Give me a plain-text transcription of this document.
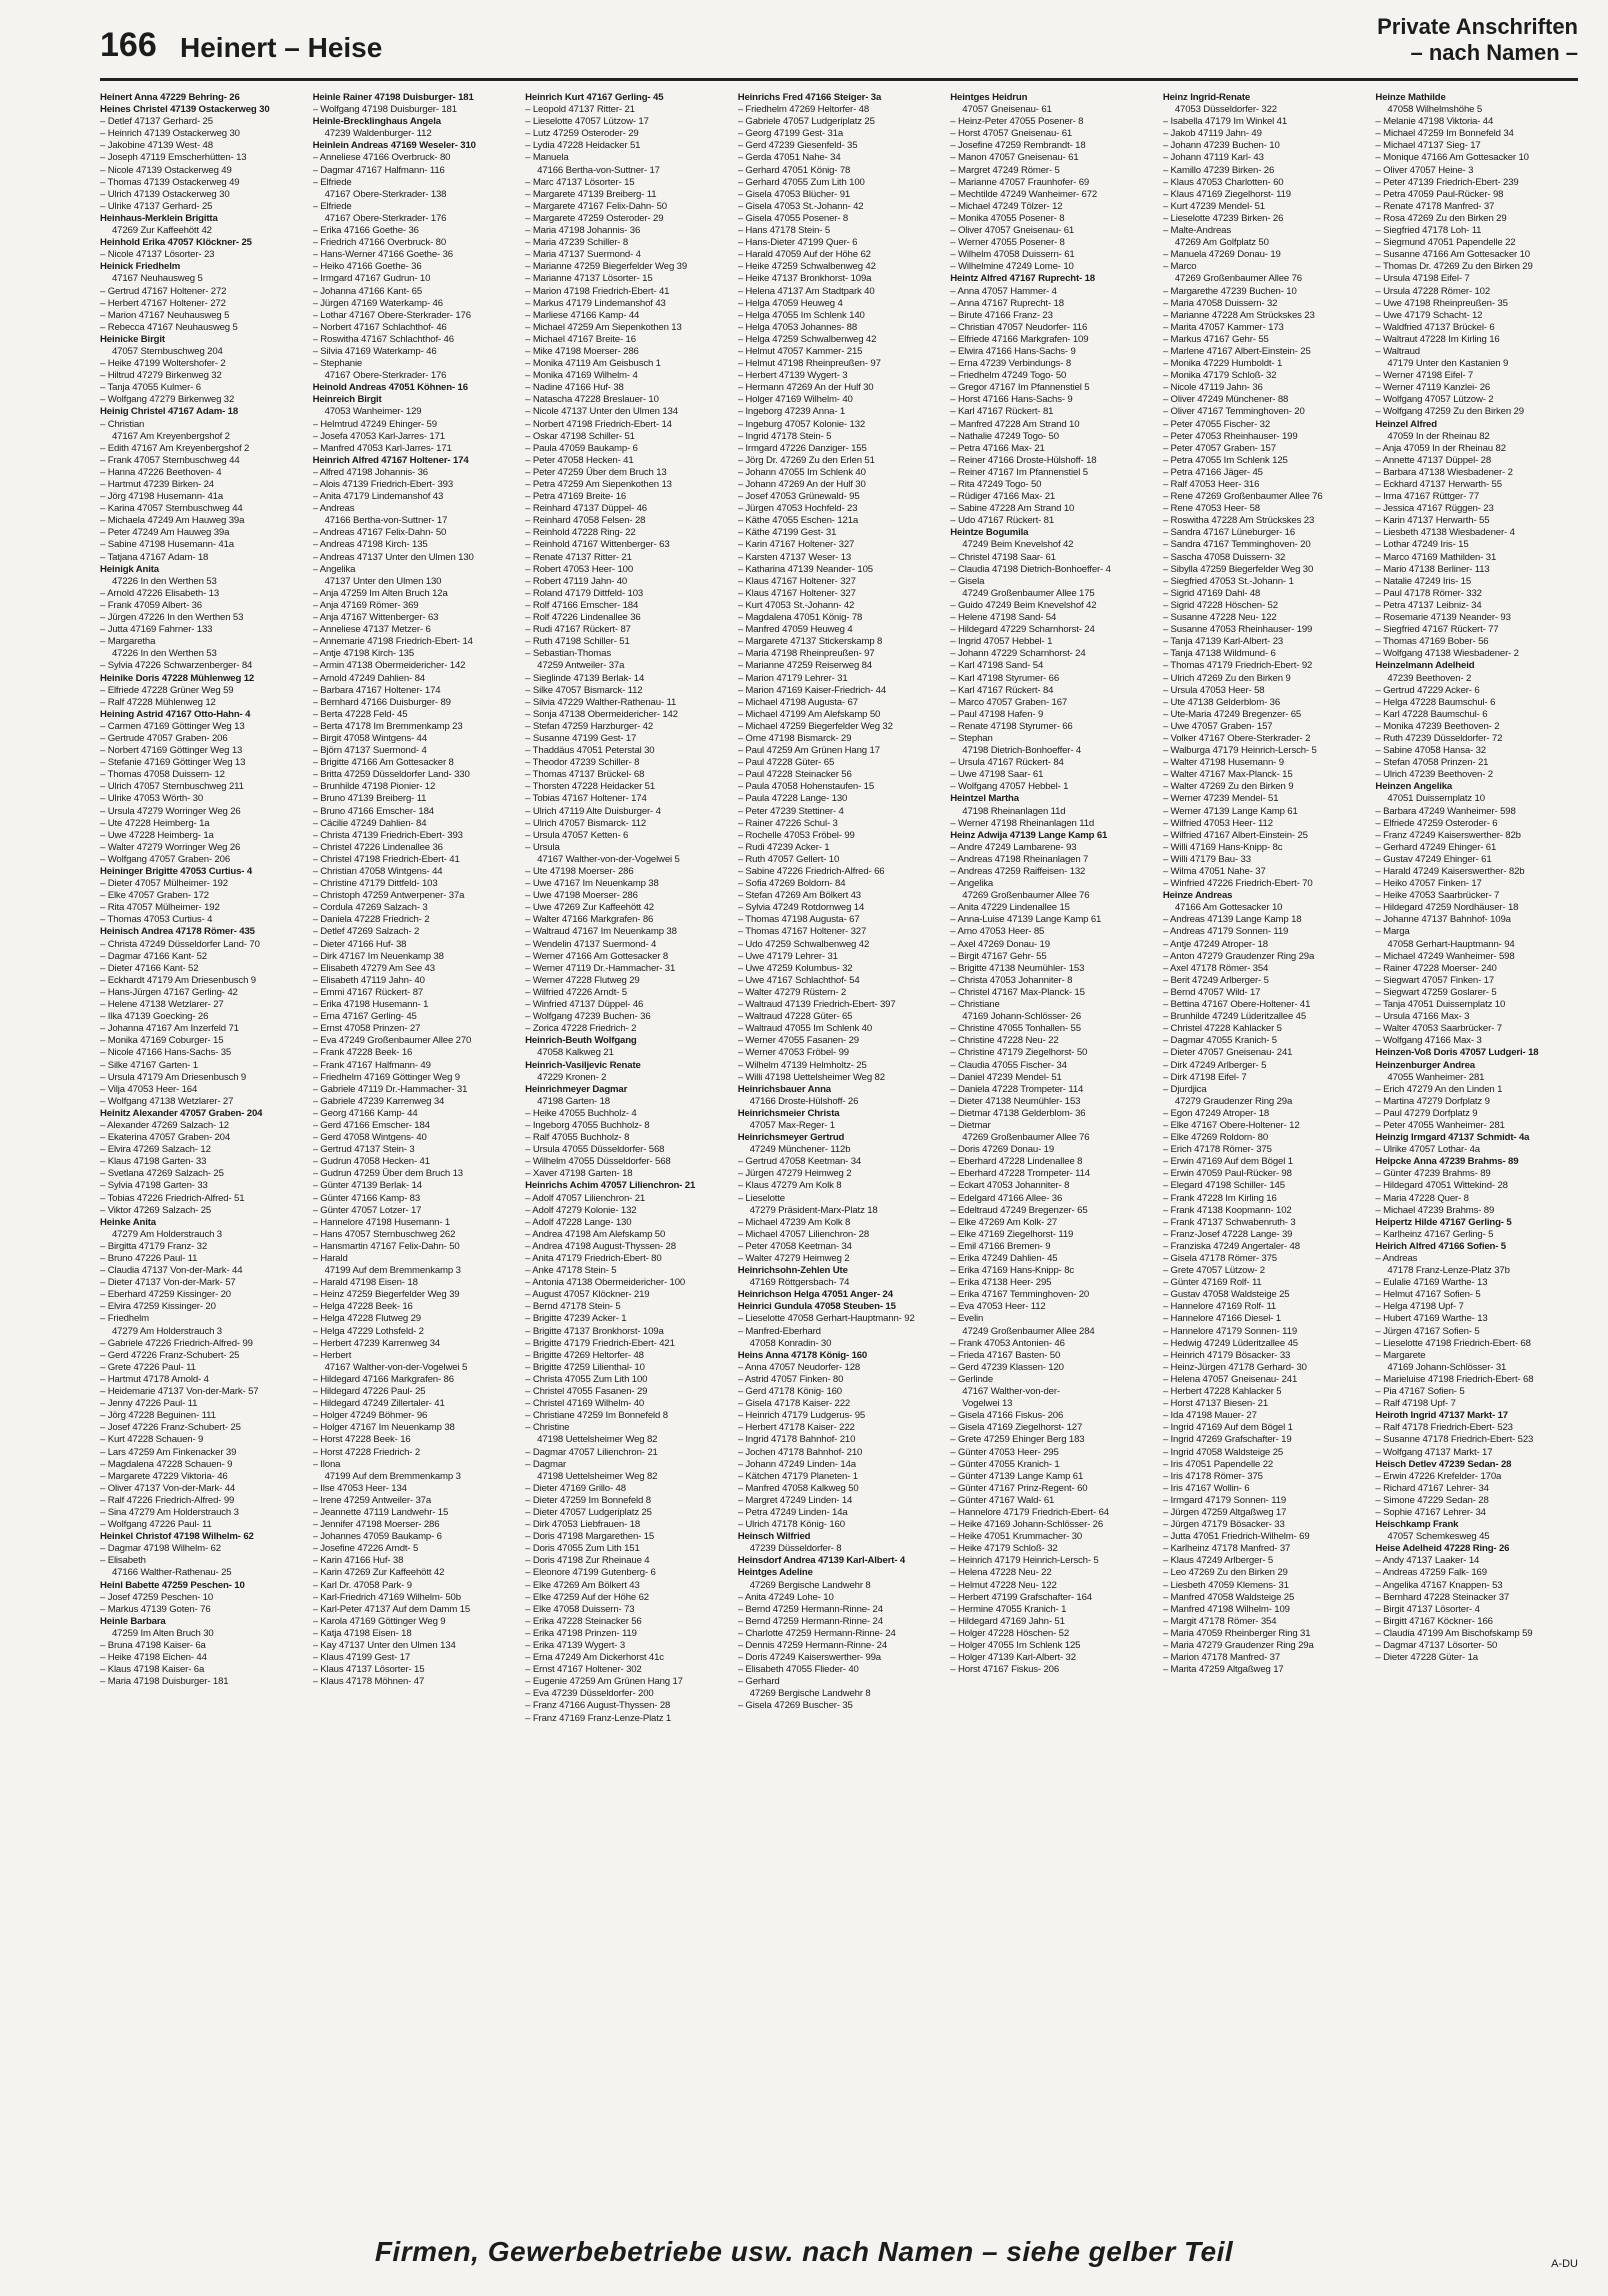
166 Heinert – Heise
Private Anschriften
– nach Namen –
Heinert Anna 47229 Behring- 26
Heines Christel 47139 Ostackerweg 30
– Detlef 47137 Gerhard- 25
– Heinrich 47139 Ostackerweg 30
– Jakobine 47139 West- 48
– Joseph 47119 Emscherhütten- 13
– Nicole 47139 Ostackerweg 49
– Thomas 47139 Ostackerweg 49
– Ulrich 47139 Ostackerweg 30
– Ulrike 47137 Gerhard- 25
Heinhaus-Merklein Brigitta
47269 Zur Kaffeehött 42
Heinhold Erika 47057 Klöckner- 25
– Nicole 47137 Lösorter- 23
Heinick Friedhelm
47167 Neuhausweg 5
– Gertrud 47167 Holtener- 272
– Herbert 47167 Holtener- 272
– Marion 47167 Neuhausweg 5
– Rebecca 47167 Neuhausweg 5
Heinicke Birgit
47057 Sternbuschweg 204
– Heike 47199 Woltershofer- 2
– Hiltrud 47279 Birkenweg 32
– Tanja 47055 Kulmer- 6
– Wolfgang 47279 Birkenweg 32
Heinig Christel 47167 Adam- 18
– Christian
47167 Am Kreyenbergshof 2
– Edith 47167 Am Kreyenbergshof 2
– Frank 47057 Sternbuschweg 44
– Hanna 47226 Beethoven- 4
– Hartmut 47239 Birken- 24
– Jörg 47198 Husemann- 41a
– Karina 47057 Sternbuschweg 44
– Michaela 47249 Am Hauweg 39a
– Peter 47249 Am Hauweg 39a
– Sabine 47198 Husemann- 41a
– Tatjana 47167 Adam- 18
Heinigk Anita
47226 In den Werthen 53
– Arnold 47226 Elisabeth- 13
– Frank 47059 Albert- 36
– Jürgen 47226 In den Werthen 53
– Jutta 47169 Fahrner- 133
– Margaretha
47226 In den Werthen 53
– Sylvia 47226 Schwarzenberger- 84
Heinike Doris 47228 Mühlenweg 12
– Elfriede 47228 Grüner Weg 59
– Ralf 47228 Mühlenweg 12
Heining Astrid 47167 Otto-Hahn- 4
– Carmen 47169 Göttinger Weg 13
– Gertrude 47057 Graben- 206
– Norbert 47169 Göttinger Weg 13
– Stefanie 47169 Göttinger Weg 13
– Thomas 47058 Duissern- 12
– Ulrich 47057 Sternbuschweg 211
– Ulrike 47053 Wörth- 30
– Ursula 47279 Worringer Weg 26
– Ute 47228 Heimberg- 1a
– Uwe 47228 Heimberg- 1a
– Walter 47279 Worringer Weg 26
– Wolfgang 47057 Graben- 206
Heininger Brigitte 47053 Curtius- 4
– Dieter 47057 Mülheimer- 192
– Elke 47057 Graben- 172
– Rita 47057 Mülheimer- 192
– Thomas 47053 Curtius- 4
Heinisch Andrea 47178 Römer- 435
– Christa 47249 Düsseldorfer Land- 70
– Dagmar 47166 Kant- 52
– Dieter 47166 Kant- 52
– Eckhardt 47179 Am Driesenbusch 9
– Hans-Jürgen 47167 Gerling- 42
– Helene 47138 Wetzlarer- 27
– Ilka 47139 Goecking- 26
– Johanna 47167 Am Inzerfeld 71
– Monika 47169 Coburger- 15
– Nicole 47166 Hans-Sachs- 35
– Silke 47167 Garten- 1
– Ursula 47179 Am Driesenbusch 9
– Vilja 47053 Heer- 164
– Wolfgang 47138 Wetzlarer- 27
Heinitz Alexander 47057 Graben- 204
– Alexander 47269 Salzach- 12
– Ekaterina 47057 Graben- 204
– Elvira 47269 Salzach- 12
– Klaus 47198 Garten- 33
– Svetlana 47269 Salzach- 25
– Sylvia 47198 Garten- 33
– Tobias 47226 Friedrich-Alfred- 51
– Viktor 47269 Salzach- 25
Heinke Anita
47279 Am Holderstrauch 3
– Birgitta 47179 Franz- 32
– Bruno 47226 Paul- 11
– Claudia 47137 Von-der-Mark- 44
– Dieter 47137 Von-der-Mark- 57
– Eberhard 47259 Kissinger- 20
– Elvira 47259 Kissinger- 20
– Friedhelm
47279 Am Holderstrauch 3
– Gabriele 47226 Friedrich-Alfred- 99
– Gerd 47226 Franz-Schubert- 25
– Grete 47226 Paul- 11
– Hartmut 47178 Arnold- 4
– Heidemarie 47137 Von-der-Mark- 57
– Jenny 47226 Paul- 11
– Jörg 47228 Beguinen- 111
– Josef 47226 Franz-Schubert- 25
– Kurt 47228 Schauen- 9
– Lars 47259 Am Finkenacker 39
– Magdalena 47228 Schauen- 9
– Margarete 47229 Viktoria- 46
– Oliver 47137 Von-der-Mark- 44
– Ralf 47226 Friedrich-Alfred- 99
– Sina 47279 Am Holderstrauch 3
– Wolfgang 47226 Paul- 11
Heinkel Christof 47198 Wilhelm- 62
– Dagmar 47198 Wilhelm- 62
– Elisabeth
47166 Walther-Rathenau- 25
Heinl Babette 47259 Peschen- 10
– Josef 47259 Peschen- 10
– Markus 47139 Goten- 76
Heinle Barbara
47259 Im Alten Bruch 30
– Bruna 47198 Kaiser- 6a
– Heike 47198 Eichen- 44
– Klaus 47198 Kaiser- 6a
– Maria 47198 Duisburger- 181
Heinle Rainer 47198 Duisburger- 181
– Wolfgang 47198 Duisburger- 181
Heinle-Brecklinghaus Angela
47239 Waldenburger- 112
Heinlein Andreas 47169 Weseler- 310
– Anneliese 47166 Overbruck- 80
– Dagmar 47167 Halfmann- 116
– Elfriede
47167 Obere-Sterkrader- 138
– Elfriede
47167 Obere-Sterkrader- 176
– Erika 47166 Goethe- 36
– Friedrich 47166 Overbruck- 80
– Hans-Werner 47166 Goethe- 36
– Heiko 47166 Goethe- 36
– Irmgard 47167 Gudrun- 10
– Johanna 47166 Kant- 65
– Jürgen 47169 Waterkamp- 46
– Lothar 47167 Obere-Sterkrader- 176
– Norbert 47167 Schlachthof- 46
– Roswitha 47167 Schlachthof- 46
– Silvia 47169 Waterkamp- 46
– Stephanie
47167 Obere-Sterkrader- 176
Heinold Andreas 47051 Köhnen- 16
Heinreich Birgit
47053 Wanheimer- 129
– Helmtrud 47249 Ehinger- 59
– Josefa 47053 Karl-Jarres- 171
– Manfred 47053 Karl-Jarres- 171
Heinrich Alfred 47167 Holtener- 174
– Alfred 47198 Johannis- 36
– Alois 47139 Friedrich-Ebert- 393
– Anita 47179 Lindemanshof 43
– Andreas
47166 Bertha-von-Suttner- 17
– Andreas 47167 Felix-Dahn- 50
– Andreas 47198 Kirch- 135
– Andreas 47137 Unter den Ulmen 130
– Angelika
47137 Unter den Ulmen 130
– Anja 47259 Im Alten Bruch 12a
– Anja 47169 Römer- 369
– Anja 47167 Wittenberger- 63
– Anneliese 47137 Metzer- 6
– Annemarie 47198 Friedrich-Ebert- 14
– Antje 47198 Kirch- 135
– Armin 47138 Obermeidericher- 142
– Arnold 47249 Dahlien- 84
– Barbara 47167 Holtener- 174
– Bernhard 47166 Duisburger- 89
– Berta 47228 Feld- 45
– Berta 47178 Im Bremmenkamp 23
– Birgit 47058 Wintgens- 44
– Björn 47137 Suermond- 4
– Brigitte 47166 Am Gottesacker 8
– Britta 47259 Düsseldorfer Land- 330
– Brunhilde 47198 Pionier- 12
– Bruno 47139 Breiberg- 11
– Bruno 47166 Emscher- 184
– Cäcilie 47249 Dahlien- 84
– Christa 47139 Friedrich-Ebert- 393
– Christel 47226 Lindenallee 36
– Christel 47198 Friedrich-Ebert- 41
– Christian 47058 Wintgens- 44
– Christine 47179 Dittfeld- 103
– Christoph 47259 Antwerpener- 37a
– Cordula 47269 Salzach- 3
– Daniela 47228 Friedrich- 2
– Detlef 47269 Salzach- 2
– Dieter 47166 Huf- 38
– Dirk 47167 Im Neuenkamp 38
– Elisabeth 47279 Am See 43
– Elisabeth 47119 Jahn- 40
– Emmi 47167 Rückert- 87
– Erika 47198 Husemann- 1
– Erna 47167 Gerling- 45
– Ernst 47058 Prinzen- 27
– Eva 47249 Großenbaumer Allee 270
– Frank 47228 Beek- 16
– Frank 47167 Halfmann- 49
– Friedhelm 47169 Göttinger Weg 9
– Gabriele 47119 Dr.-Hammacher- 31
– Gabriele 47239 Karrenweg 34
– Georg 47166 Kamp- 44
– Gerd 47166 Emscher- 184
– Gerd 47058 Wintgens- 40
– Gertrud 47137 Stein- 3
– Gudrun 47058 Hecken- 41
– Gudrun 47259 Über dem Bruch 13
– Günter 47139 Berlak- 14
– Günter 47166 Kamp- 83
– Günter 47057 Lotzer- 17
– Hannelore 47198 Husemann- 1
– Hans 47057 Sternbuschweg 262
– Hansmartin 47167 Felix-Dahn- 50
– Harald
47199 Auf dem Bremmenkamp 3
– Harald 47198 Eisen- 18
– Heinz 47259 Biegerfelder Weg 39
– Helga 47228 Beek- 16
– Helga 47228 Flutweg 29
– Helga 47229 Lothsfeld- 2
– Herbert 47239 Karrenweg 34
– Herbert
47167 Walther-von-der-Vogelwei 5
– Hildegard 47166 Markgrafen- 86
– Hildegard 47226 Paul- 25
– Hildegard 47249 Zillertaler- 41
– Holger 47249 Böhmer- 96
– Holger 47167 Im Neuenkamp 38
– Horst 47228 Beek- 16
– Horst 47228 Friedrich- 2
– Ilona
47199 Auf dem Bremmenkamp 3
– Ilse 47053 Heer- 134
– Irene 47259 Antweiler- 37a
– Jeannette 47119 Landwehr- 15
– Jennifer 47198 Moerser- 286
– Johannes 47059 Baukamp- 6
– Josefine 47226 Arndt- 5
– Karin 47166 Huf- 38
– Karin 47269 Zur Kaffeehött 42
– Karl Dr. 47058 Park- 9
– Karl-Friedrich 47169 Wilhelm- 50b
– Karl-Peter 47137 Auf dem Damm 15
– Karola 47169 Göttinger Weg 9
– Katja 47198 Eisen- 18
– Kay 47137 Unter den Ulmen 134
– Klaus 47199 Gest- 17
– Klaus 47137 Lösorter- 15
– Klaus 47178 Möhnen- 47
Heinrich Kurt 47167 Gerling- 45
– Leopold 47137 Ritter- 21
– Lieselotte 47057 Lützow- 17
– Lutz 47259 Osteroder- 29
– Lydia 47228 Heidacker 51
– Manuela
47166 Bertha-von-Suttner- 17
– Marc 47137 Lösorter- 15
– Margarete 47139 Breiberg- 11
– Margarete 47167 Felix-Dahn- 50
– Margarete 47259 Osteroder- 29
– Maria 47198 Johannis- 36
– Maria 47239 Schiller- 8
– Maria 47137 Suermond- 4
– Marianne 47259 Biegerfelder Weg 39
– Marianne 47137 Lösorter- 15
– Marion 47198 Friedrich-Ebert- 41
– Markus 47179 Lindemanshof 43
– Marliese 47166 Kamp- 44
– Michael 47259 Am Siepenkothen 13
– Michael 47167 Breite- 16
– Mike 47198 Moerser- 286
– Monika 47119 Am Geisbusch 1
– Monika 47169 Wilhelm- 4
– Nadine 47166 Huf- 38
– Natascha 47228 Breslauer- 10
– Nicole 47137 Unter den Ulmen 134
– Norbert 47198 Friedrich-Ebert- 14
– Oskar 47198 Schiller- 51
– Paula 47059 Baukamp- 6
– Peter 47058 Hecken- 41
– Peter 47259 Über dem Bruch 13
– Petra 47259 Am Siepenkothen 13
– Petra 47169 Breite- 16
– Reinhard 47137 Düppel- 46
– Reinhard 47058 Felsen- 28
– Reinhold 47228 Ring- 22
– Reinhold 47167 Wittenberger- 63
– Renate 47137 Ritter- 21
– Robert 47053 Heer- 100
– Robert 47119 Jahn- 40
– Roland 47179 Dittfeld- 103
– Rolf 47166 Emscher- 184
– Rolf 47226 Lindenallee 36
– Rudi 47167 Rückert- 87
– Ruth 47198 Schiller- 51
– Sebastian-Thomas
47259 Antweiler- 37a
– Sieglinde 47139 Berlak- 14
– Silke 47057 Bismarck- 112
– Silvia 47229 Walther-Rathenau- 11
– Sonja 47138 Obermeidericher- 142
– Stefan 47259 Harzburger- 42
– Susanne 47199 Gest- 17
– Thaddäus 47051 Peterstal 30
– Theodor 47239 Schiller- 8
– Thomas 47137 Brückel- 68
– Thorsten 47228 Heidacker 51
– Tobias 47167 Holtener- 174
– Ulrich 47119 Alte Duisburger- 4
– Ulrich 47057 Bismarck- 112
– Ursula 47057 Ketten- 6
– Ursula
47167 Walther-von-der-Vogelwei 5
– Ute 47198 Moerser- 286
– Uwe 47167 Im Neuenkamp 38
– Uwe 47198 Moerser- 286
– Uwe 47269 Zur Kaffeehött 42
– Walter 47166 Markgrafen- 86
– Waltraud 47167 Im Neuenkamp 38
– Wendelin 47137 Suermond- 4
– Werner 47166 Am Gottesacker 8
– Werner 47119 Dr.-Hammacher- 31
– Werner 47228 Flutweg 29
– Wilfried 47226 Arndt- 5
– Winfried 47137 Düppel- 46
– Wolfgang 47239 Buchen- 36
– Zorica 47228 Friedrich- 2
Heinrich-Beuth Wolfgang
47058 Kalkweg 21
Heinrich-Vasiljevic Renate
47229 Kronen- 2
Heinrichmeyer Dagmar
47198 Garten- 18
– Heike 47055 Buchholz- 4
– Ingeborg 47055 Buchholz- 8
– Ralf 47055 Buchholz- 8
– Ursula 47055 Düsseldorfer- 568
– Wilhelm 47055 Düsseldorfer- 568
– Xaver 47198 Garten- 18
Heinrichs Achim 47057 Lilienchron- 21
– Adolf 47057 Lilienchron- 21
– Adolf 47279 Kolonie- 132
– Adolf 47228 Lange- 130
– Andrea 47198 Am Alefskamp 50
– Andrea 47198 August-Thyssen- 28
– Anita 47179 Friedrich-Ebert- 80
– Anke 47178 Stein- 5
– Antonia 47138 Obermeidericher- 100
– August 47057 Klöckner- 219
– Bernd 47178 Stein- 5
– Brigitte 47239 Acker- 1
– Brigitte 47137 Bronkhorst- 109a
– Brigitte 47179 Friedrich-Ebert- 421
– Brigitte 47269 Heltorfer- 48
– Brigitte 47259 Lilienthal- 10
– Christa 47055 Zum Lith 100
– Christel 47055 Fasanen- 29
– Christel 47169 Wilhelm- 40
– Christiane 47259 Im Bonnefeld 8
– Christine
47198 Uettelsheimer Weg 82
– Dagmar 47057 Lilienchron- 21
– Dagmar
47198 Uettelsheimer Weg 82
– Dieter 47169 Grillo- 48
– Dieter 47259 Im Bonnefeld 8
– Dieter 47057 Ludgeriplatz 25
– Dirk 47053 Liebfrauen- 18
– Doris 47198 Margarethen- 15
– Doris 47055 Zum Lith 151
– Doris 47198 Zur Rheinaue 4
– Eleonore 47199 Gutenberg- 6
– Elke 47269 Am Bölkert 43
– Elke 47259 Auf der Höhe 62
– Elke 47058 Duissern- 73
– Erika 47228 Steinacker 56
– Erika 47198 Prinzen- 119
– Erika 47139 Wygert- 3
– Erna 47249 Am Dickerhorst 41c
– Ernst 47167 Holtener- 302
– Eugenie 47259 Am Grünen Hang 17
– Eva 47239 Düsseldorfer- 200
– Franz 47166 August-Thyssen- 28
– Franz 47169 Franz-Lenze-Platz 1
Heinrichs Fred 47166 Steiger- 3a
– Friedhelm 47269 Heltorfer- 48
– Gabriele 47057 Ludgeriplatz 25
– Georg 47199 Gest- 31a
– Gerd 47239 Giesenfeld- 35
– Gerda 47051 Nahe- 34
– Gerhard 47051 König- 78
– Gerhard 47055 Zum Lith 100
– Gisela 47053 Blücher- 91
– Gisela 47053 St.-Johann- 42
– Gisela 47055 Posener- 8
– Hans 47178 Stein- 5
– Hans-Dieter 47199 Quer- 6
– Harald 47059 Auf der Höhe 62
– Heike 47259 Schwalbenweg 42
– Heike 47137 Bronkhorst- 109a
– Helena 47137 Am Stadtpark 40
– Helga 47059 Heuweg 4
– Helga 47055 Im Schlenk 140
– Helga 47053 Johannes- 88
– Helga 47259 Schwalbenweg 42
– Helmut 47057 Kammer- 215
– Helmut 47198 Rheinpreußen- 97
– Herbert 47139 Wygert- 3
– Hermann 47269 An der Hulf 30
– Holger 47169 Wilhelm- 40
– Ingeborg 47239 Anna- 1
– Ingeburg 47057 Kolonie- 132
– Ingrid 47178 Stein- 5
– Irmgard 47226 Danziger- 155
– Jörg Dr. 47269 Zu den Erlen 51
– Johann 47055 Im Schlenk 40
– Johann 47269 An der Hulf 30
– Josef 47053 Grünewald- 95
– Jürgen 47053 Hochfeld- 23
– Käthe 47055 Eschen- 121a
– Käthe 47199 Gest- 31
– Karin 47167 Holtener- 327
– Karsten 47137 Weser- 13
– Katharina 47139 Neander- 105
– Klaus 47167 Holtener- 327
– Klaus 47167 Holtener- 327
– Kurt 47053 St.-Johann- 42
– Magdalena 47051 König- 78
– Manfred 47059 Heuweg 4
– Margarete 47137 Stickerskamp 8
– Maria 47198 Rheinpreußen- 97
– Marianne 47259 Reiserweg 84
– Marion 47179 Lehrer- 31
– Marion 47169 Kaiser-Friedrich- 44
– Michael 47198 Augusta- 67
– Michael 47199 Am Alefskamp 50
– Michael 47259 Biegerfelder Weg 32
– Orne 47198 Bismarck- 29
– Paul 47259 Am Grünen Hang 17
– Paul 47228 Güter- 65
– Paul 47228 Steinacker 56
– Paula 47058 Hohenstaufen- 15
– Paula 47228 Lange- 130
– Peter 47239 Stettiner- 4
– Rainer 47226 Schul- 3
– Rochelle 47053 Fröbel- 99
– Rudi 47239 Acker- 1
– Ruth 47057 Gellert- 10
– Sabine 47226 Friedrich-Alfred- 66
– Sofia 47269 Boldorn- 84
– Stefan 47269 Am Bölkert 43
– Sylvia 47249 Rotdornweg 14
– Thomas 47198 Augusta- 67
– Thomas 47167 Holtener- 327
– Udo 47259 Schwalbenweg 42
– Uwe 47179 Lehrer- 31
– Uwe 47259 Kolumbus- 32
– Uwe 47167 Schlachthof- 54
– Walter 47279 Rüstern- 2
– Waltraud 47139 Friedrich-Ebert- 397
– Waltraud 47228 Güter- 65
– Waltraud 47055 Im Schlenk 40
– Werner 47055 Fasanen- 29
– Werner 47053 Fröbel- 99
– Wilhelm 47139 Helmholtz- 25
– Willi 47198 Uettelsheimer Weg 82
Heinrichsbauer Anna
47166 Droste-Hülshoff- 26
Heinrichsmeier Christa
47057 Max-Reger- 1
Heinrichsmeyer Gertrud
47249 Münchener- 112b
– Gertrud 47058 Keetman- 34
– Jürgen 47279 Heimweg 2
– Klaus 47279 Am Kolk 8
– Lieselotte
47279 Präsident-Marx-Platz 18
– Michael 47239 Am Kolk 8
– Michael 47057 Lilienchron- 28
– Peter 47058 Keetman- 34
– Walter 47279 Heimweg 2
Heinrichsohn-Zehlen Ute
47169 Röttgersbach- 74
Heinrichson Helga 47051 Anger- 24
Heinrici Gundula 47058 Steuben- 15
– Lieselotte 47058 Gerhart-Hauptmann- 92
– Manfred-Eberhard
47058 Konradin- 30
Heins Anna 47178 König- 160
– Anna 47057 Neudorfer- 128
– Astrid 47057 Finken- 80
– Gerd 47178 König- 160
– Gisela 47178 Kaiser- 222
– Heinrich 47179 Ludgerus- 95
– Herbert 47178 Kaiser- 222
– Ingrid 47178 Bahnhof- 210
– Jochen 47178 Bahnhof- 210
– Johann 47249 Linden- 14a
– Kätchen 47179 Planeten- 1
– Manfred 47058 Kalkweg 50
– Margret 47249 Linden- 14
– Petra 47249 Linden- 14a
– Ulrich 47178 König- 160
Heinsch Wilfried
47239 Düsseldorfer- 8
Heinsdorf Andrea 47139 Karl-Albert- 4
Heintges Adeline
47269 Bergische Landwehr 8
– Anita 47249 Lohe- 10
– Bernd 47259 Hermann-Rinne- 24
– Bernd 47259 Hermann-Rinne- 24
– Charlotte 47259 Hermann-Rinne- 24
– Dennis 47259 Hermann-Rinne- 24
– Doris 47249 Kaiserswerther- 99a
– Elisabeth 47055 Flieder- 40
– Gerhard
47269 Bergische Landwehr 8
– Gisela 47269 Buscher- 35
Heintges Heidrun
47057 Gneisenau- 61
– Heinz-Peter 47055 Posener- 8
– Horst 47057 Gneisenau- 61
– Josefine 47259 Rembrandt- 18
– Manon 47057 Gneisenau- 61
– Margret 47249 Römer- 5
– Marianne 47057 Fraunhofer- 69
– Mechtilde 47249 Wanheimer- 672
– Michael 47249 Tölzer- 12
– Monika 47055 Posener- 8
– Oliver 47057 Gneisenau- 61
– Werner 47055 Posener- 8
– Wilhelm 47058 Duissern- 61
– Wilhelmine 47249 Lome- 10
Heintz Alfred 47167 Ruprecht- 18
– Anna 47057 Hammer- 4
– Anna 47167 Ruprecht- 18
– Birute 47166 Franz- 23
– Christian 47057 Neudorfer- 116
– Elfriede 47166 Markgrafen- 109
– Elwira 47166 Hans-Sachs- 9
– Erna 47239 Verbindungs- 8
– Friedhelm 47249 Togo- 50
– Gregor 47167 Im Pfannenstiel 5
– Horst 47166 Hans-Sachs- 9
– Karl 47167 Rückert- 81
– Manfred 47228 Am Strand 10
– Nathalie 47249 Togo- 50
– Petra 47166 Max- 21
– Reiner 47166 Droste-Hülshoff- 18
– Reiner 47167 Im Pfannenstiel 5
– Rita 47249 Togo- 50
– Rüdiger 47166 Max- 21
– Sabine 47228 Am Strand 10
– Udo 47167 Rückert- 81
Heintze Bogumila
47249 Beim Knevelshof 42
– Christel 47198 Saar- 61
– Claudia 47198 Dietrich-Bonhoeffer- 4
– Gisela
47249 Großenbaumer Allee 175
– Guido 47249 Beim Knevelshof 42
– Helene 47198 Sand- 54
– Hildegard 47229 Scharnhorst- 24
– Ingrid 47057 Hebbel- 1
– Johann 47229 Scharnhorst- 24
– Karl 47198 Sand- 54
– Karl 47198 Styrumer- 66
– Karl 47167 Rückert- 84
– Marco 47057 Graben- 167
– Paul 47198 Hafen- 9
– Renate 47198 Styrumer- 66
– Stephan
47198 Dietrich-Bonhoeffer- 4
– Ursula 47167 Rückert- 84
– Uwe 47198 Saar- 61
– Wolfgang 47057 Hebbel- 1
Heintzel Martha
47198 Rheinanlagen 11d
– Werner 47198 Rheinanlagen 11d
Heinz Adwija 47139 Lange Kamp 61
– Andre 47249 Lambarene- 93
– Andreas 47198 Rheinanlagen 7
– Andreas 47259 Raiffeisen- 132
– Angelika
47269 Großenbaumer Allee 76
– Anita 47229 Lindenallee 15
– Anna-Luise 47139 Lange Kamp 61
– Arno 47053 Heer- 85
– Axel 47269 Donau- 19
– Birgit 47167 Gehr- 55
– Brigitte 47138 Neumühler- 153
– Christa 47053 Johanniter- 8
– Christel 47167 Max-Planck- 15
– Christiane
47169 Johann-Schlösser- 26
– Christine 47055 Tonhallen- 55
– Christine 47228 Neu- 22
– Christine 47179 Ziegelhorst- 50
– Claudia 47055 Fischer- 34
– Daniel 47239 Mendel- 51
– Daniela 47228 Trompeter- 114
– Dieter 47138 Neumühler- 153
– Dietmar 47138 Gelderblom- 36
– Dietmar
47269 Großenbaumer Allee 76
– Doris 47269 Donau- 19
– Eberhard 47228 Lindenallee 8
– Eberhard 47228 Trompeter- 114
– Eckart 47053 Johanniter- 8
– Edelgard 47166 Allee- 36
– Edeltraud 47249 Bregenzer- 65
– Elke 47269 Am Kolk- 27
– Elke 47169 Ziegelhorst- 119
– Emil 47166 Bremen- 9
– Erika 47249 Dahlien- 45
– Erika 47169 Hans-Knipp- 8c
– Erika 47138 Heer- 295
– Erika 47167 Temminghoven- 20
– Eva 47053 Heer- 112
– Evelin
47249 Großenbaumer Allee 284
– Frank 47053 Antonien- 46
– Frieda 47167 Basten- 50
– Gerd 47239 Klassen- 120
– Gerlinde
47167 Walther-von-der-
Vogelwei 13
– Gisela 47166 Fiskus- 206
– Gisela 47169 Ziegelhorst- 127
– Grete 47259 Ehinger Berg 183
– Günter 47053 Heer- 295
– Günter 47055 Kranich- 1
– Günter 47139 Lange Kamp 61
– Günter 47167 Prinz-Regent- 60
– Günter 47167 Wald- 61
– Hannelore 47179 Friedrich-Ebert- 64
– Heike 47169 Johann-Schlösser- 26
– Heike 47051 Krummacher- 30
– Heike 47179 Schloß- 32
– Heinrich 47179 Heinrich-Lersch- 5
– Helena 47228 Neu- 22
– Helmut 47228 Neu- 122
– Herbert 47199 Grafschafter- 164
– Hermine 47055 Kranich- 1
– Hildegard 47169 Jahn- 51
– Holger 47228 Höschen- 52
– Holger 47055 Im Schlenk 125
– Holger 47139 Karl-Albert- 32
– Horst 47167 Fiskus- 206
Heinz Ingrid-Renate
47053 Düsseldorfer- 322
– Isabella 47179 Im Winkel 41
– Jakob 47119 Jahn- 49
– Johann 47239 Buchen- 10
– Johann 47119 Karl- 43
– Kamillo 47239 Birken- 26
– Klaus 47053 Charlotten- 60
– Klaus 47169 Ziegelhorst- 119
– Kurt 47239 Mendel- 51
– Lieselotte 47239 Birken- 26
– Malte-Andreas
47269 Am Golfplatz 50
– Manuela 47269 Donau- 19
– Marco
47269 Großenbaumer Allee 76
– Margarethe 47239 Buchen- 10
– Maria 47058 Duissern- 32
– Marianne 47228 Am Strückskes 23
– Marita 47057 Kammer- 173
– Markus 47167 Gehr- 55
– Marlene 47167 Albert-Einstein- 25
– Monika 47229 Humboldt- 1
– Monika 47179 Schloß- 32
– Nicole 47119 Jahn- 36
– Oliver 47249 Münchener- 88
– Oliver 47167 Temminghoven- 20
– Peter 47055 Fischer- 32
– Peter 47053 Rheinhauser- 199
– Peter 47057 Graben- 157
– Petra 47055 Im Schlenk 125
– Petra 47166 Jäger- 45
– Ralf 47053 Heer- 316
– Rene 47269 Großenbaumer Allee 76
– Rene 47053 Heer- 58
– Roswitha 47228 Am Strückskes 23
– Sandra 47167 Lüneburger- 16
– Sandra 47167 Temminghoven- 20
– Sascha 47058 Duissern- 32
– Sibylla 47259 Biegerfelder Weg 30
– Siegfried 47053 St.-Johann- 1
– Sigrid 47169 Dahl- 48
– Sigrid 47228 Höschen- 52
– Susanne 47228 Neu- 122
– Susanne 47053 Rheinhauser- 199
– Tanja 47139 Karl-Albert- 23
– Tanja 47138 Wildmund- 6
– Thomas 47179 Friedrich-Ebert- 92
– Ulrich 47269 Zu den Birken 9
– Ursula 47053 Heer- 58
– Ute 47138 Gelderblom- 36
– Ute-Maria 47249 Bregenzer- 65
– Uwe 47057 Graben- 157
– Volker 47167 Obere-Sterkrader- 2
– Walburga 47179 Heinrich-Lersch- 5
– Walter 47198 Husemann- 9
– Walter 47167 Max-Planck- 15
– Walter 47269 Zu den Birken 9
– Werner 47239 Mendel- 51
– Werner 47139 Lange Kamp 61
– Wilfried 47053 Heer- 112
– Wilfried 47167 Albert-Einstein- 25
– Willi 47169 Hans-Knipp- 8c
– Willi 47179 Bau- 33
– Wilma 47051 Nahe- 37
– Winfried 47226 Friedrich-Ebert- 70
Heinze Andreas
47166 Am Gottesacker 10
– Andreas 47139 Lange Kamp 18
– Andreas 47179 Sonnen- 119
– Antje 47249 Atroper- 18
– Anton 47279 Graudenzer Ring 29a
– Axel 47178 Römer- 354
– Berit 47249 Arlberger- 5
– Bernd 47057 Wild- 17
– Bettina 47167 Obere-Holtener- 41
– Brunhilde 47249 Lüderitzallee 45
– Christel 47228 Kahlacker 5
– Dagmar 47055 Kranich- 5
– Dieter 47057 Gneisenau- 241
– Dirk 47249 Arlberger- 5
– Dirk 47198 Eifel- 7
– Djurdjica
47279 Graudenzer Ring 29a
– Egon 47249 Atroper- 18
– Elke 47167 Obere-Holtener- 12
– Elke 47269 Roldorn- 80
– Erich 47178 Römer- 375
– Erwin 47169 Auf dem Bögel 1
– Erwin 47059 Paul-Rücker- 98
– Elegard 47198 Schiller- 145
– Frank 47228 Im Kirling 16
– Frank 47138 Koopmann- 102
– Frank 47137 Schwabenruth- 3
– Franz-Josef 47228 Lange- 39
– Franziska 47249 Angertaler- 48
– Gisela 47178 Römer- 375
– Grete 47057 Lützow- 2
– Günter 47169 Rolf- 11
– Gustav 47058 Waldsteige 25
– Hannelore 47169 Rolf- 11
– Hannelore 47166 Diesel- 1
– Hannelore 47179 Sonnen- 119
– Hedwig 47249 Lüderitzallee 45
– Heinrich 47179 Bösacker- 33
– Heinz-Jürgen 47178 Gerhard- 30
– Helena 47057 Gneisenau- 241
– Herbert 47228 Kahlacker 5
– Horst 47137 Biesen- 21
– Ida 47198 Mauer- 27
– Ingrid 47169 Auf dem Bögel 1
– Ingrid 47269 Grafschafter- 19
– Ingrid 47058 Waldsteige 25
– Iris 47051 Papendelle 22
– Iris 47178 Römer- 375
– Iris 47167 Wollin- 6
– Irmgard 47179 Sonnen- 119
– Jürgen 47259 Altgaßweg 17
– Jürgen 47179 Bösacker- 33
– Jutta 47051 Friedrich-Wilhelm- 69
– Karlheinz 47178 Manfred- 37
– Klaus 47249 Arlberger- 5
– Leo 47269 Zu den Birken 29
– Liesbeth 47059 Klemens- 31
– Manfred 47058 Waldsteige 25
– Manfred 47198 Wilhelm- 109
– Margit 47178 Römer- 354
– Maria 47059 Rheinberger Ring 31
– Maria 47279 Graudenzer Ring 29a
– Marion 47178 Manfred- 37
– Marita 47259 Altgaßweg 17
Heinze Mathilde
47058 Wilhelmshöhe 5
– Melanie 47198 Viktoria- 44
– Michael 47259 Im Bonnefeld 34
– Michael 47137 Sieg- 17
– Monique 47166 Am Gottesacker 10
– Oliver 47057 Heine- 3
– Peter 47139 Friedrich-Ebert- 239
– Petra 47059 Paul-Rücker- 98
– Renate 47178 Manfred- 37
– Rosa 47269 Zu den Birken 29
– Siegfried 47178 Loh- 11
– Siegmund 47051 Papendelle 22
– Susanne 47166 Am Gottesacker 10
– Thomas Dr. 47269 Zu den Birken 29
– Ursula 47198 Eifel- 7
– Ursula 47228 Römer- 102
– Uwe 47198 Rheinpreußen- 35
– Uwe 47179 Schacht- 12
– Waldfried 47137 Brückel- 6
– Waltraut 47228 Im Kirling 16
– Waltraud
47179 Unter den Kastanien 9
– Werner 47198 Eifel- 7
– Werner 47119 Kanzlei- 26
– Wolfgang 47057 Lützow- 2
– Wolfgang 47259 Zu den Birken 29
Heinzel Alfred
47059 In der Rheinau 82
– Anja 47059 In der Rheinau 82
– Annette 47137 Düppel- 28
– Barbara 47138 Wiesbadener- 2
– Eckhard 47137 Herwarth- 55
– Irma 47167 Rüttger- 77
– Jessica 47167 Rüggen- 23
– Karin 47137 Herwarth- 55
– Liesbeth 47138 Wiesbadener- 4
– Lothar 47249 Iris- 15
– Marco 47169 Mathilden- 31
– Mario 47138 Berliner- 113
– Natalie 47249 Iris- 15
– Paul 47178 Römer- 332
– Petra 47137 Leibniz- 34
– Rosemarie 47139 Neander- 93
– Siegfried 47167 Rückert- 77
– Thomas 47169 Bober- 56
– Wolfgang 47138 Wiesbadener- 2
Heinzelmann Adelheid
47239 Beethoven- 2
– Gertrud 47229 Acker- 6
– Helga 47228 Baumschul- 6
– Karl 47228 Baumschul- 6
– Monika 47239 Beethoven- 2
– Ruth 47239 Düsseldorfer- 72
– Sabine 47058 Hansa- 32
– Stefan 47058 Prinzen- 21
– Ulrich 47239 Beethoven- 2
Heinzen Angelika
47051 Duissernplatz 10
– Barbara 47249 Wanheimer- 598
– Elfriede 47259 Osteroder- 6
– Franz 47249 Kaiserswerther- 82b
– Gerhard 47249 Ehinger- 61
– Gustav 47249 Ehinger- 61
– Harald 47249 Kaiserswerther- 82b
– Heiko 47057 Finken- 17
– Heike 47053 Saarbrücker- 7
– Hildegard 47259 Nordhäuser- 18
– Johanne 47137 Bahnhof- 109a
– Marga
47058 Gerhart-Hauptmann- 94
– Michael 47249 Wanheimer- 598
– Rainer 47228 Moerser- 240
– Siegwart 47057 Finken- 17
– Siegwart 47259 Goslarer- 5
– Tanja 47051 Duissernplatz 10
– Ursula 47166 Max- 3
– Walter 47053 Saarbrücker- 7
– Wolfgang 47166 Max- 3
Heinzen-Voß Doris 47057 Ludgeri- 18
Heinzenburger Andrea
47055 Wanheimer- 281
– Erich 47279 An den Linden 1
– Martina 47279 Dorfplatz 9
– Paul 47279 Dorfplatz 9
– Peter 47055 Wanheimer- 281
Heinzig Irmgard 47137 Schmidt- 4a
– Ulrike 47057 Lothar- 4a
Heipcke Anna 47239 Brahms- 89
– Günter 47239 Brahms- 89
– Hildegard 47051 Wittekind- 28
– Maria 47228 Quer- 8
– Michael 47239 Brahms- 89
Heipertz Hilde 47167 Gerling- 5
– Karlheinz 47167 Gerling- 5
Heirich Alfred 47166 Sofien- 5
– Andreas
47178 Franz-Lenze-Platz 37b
– Eulalie 47169 Warthe- 13
– Helmut 47167 Sofien- 5
– Helga 47198 Upf- 7
– Hubert 47169 Warthe- 13
– Jürgen 47167 Sofien- 5
– Lieselotte 47198 Friedrich-Ebert- 68
– Margarete
47169 Johann-Schlösser- 31
– Marieluise 47198 Friedrich-Ebert- 68
– Pia 47167 Sofien- 5
– Ralf 47198 Upf- 7
Heiroth Ingrid 47137 Markt- 17
– Ralf 47178 Friedrich-Ebert- 523
– Susanne 47178 Friedrich-Ebert- 523
– Wolfgang 47137 Markt- 17
Heisch Detlev 47239 Sedan- 28
– Erwin 47226 Krefelder- 170a
– Richard 47167 Lehrer- 34
– Simone 47229 Sedan- 28
– Sophie 47167 Lehrer- 34
Heischkamp Frank
47057 Schemkesweg 45
Heise Adelheid 47228 Ring- 26
– Andy 47137 Laaker- 14
– Andreas 47259 Falk- 169
– Angelika 47167 Knappen- 53
– Bernhard 47228 Steinacker 37
– Birgit 47137 Lösorter- 4
– Birgitt 47167 Köckner- 166
– Claudia 47199 Am Bischofskamp 59
– Dagmar 47137 Lösorter- 50
– Dieter 47228 Güter- 1a
Firmen, Gewerbebetriebe usw. nach Namen – siehe gelber Teil	A-DU
